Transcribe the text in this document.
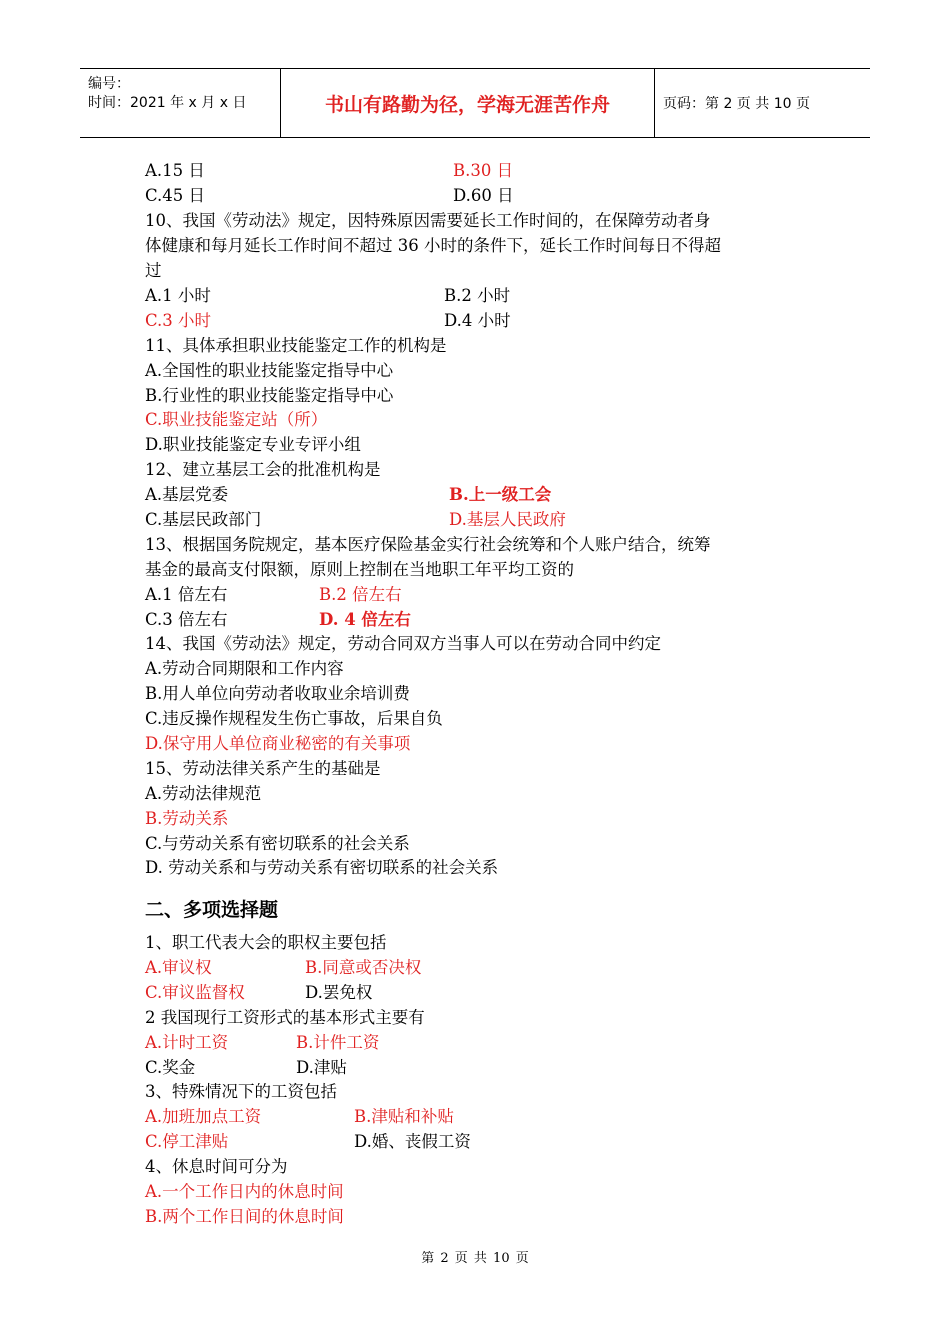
编号：
时间：2021 年 x 月 x 日	书山有路勤为径，学海无涯苦作舟	页码：第 2 页 共 10 页
A.15 日	B.30 日
C.45 日	D.60 日
10、我国《劳动法》规定，因特殊原因需要延长工作时间的，在保障劳动者身
体健康和每月延长工作时间不超过 36 小时的条件下，延长工作时间每日不得超
过
A.1 小时	B.2 小时
C.3 小时	D.4 小时
11、具体承担职业技能鉴定工作的机构是
A.全国性的职业技能鉴定指导中心
B.行业性的职业技能鉴定指导中心
C.职业技能鉴定站（所）
D.职业技能鉴定专业专评小组
12、建立基层工会的批准机构是
A.基层党委	B.上一级工会
C.基层民政部门	D.基层人民政府
13、根据国务院规定，基本医疗保险基金实行社会统筹和个人账户结合，统筹
基金的最高支付限额，原则上控制在当地职工年平均工资的
A.1 倍左右	B.2 倍左右
C.3 倍左右	D. 4 倍左右
14、我国《劳动法》规定，劳动合同双方当事人可以在劳动合同中约定
A.劳动合同期限和工作内容
B.用人单位向劳动者收取业余培训费
C.违反操作规程发生伤亡事故，后果自负
D.保守用人单位商业秘密的有关事项
15、劳动法律关系产生的基础是
A.劳动法律规范
B.劳动关系
C.与劳动关系有密切联系的社会关系
D. 劳动关系和与劳动关系有密切联系的社会关系
二、多项选择题
1、职工代表大会的职权主要包括
A.审议权	B.同意或否决权
C.审议监督权	D.罢免权
2 我国现行工资形式的基本形式主要有
A.计时工资	B.计件工资
C.奖金	D.津贴
3、特殊情况下的工资包括
A.加班加点工资	B.津贴和补贴
C.停工津贴	D.婚、丧假工资
4、休息时间可分为
A.一个工作日内的休息时间
B.两个工作日间的休息时间
第 2 页 共 10 页
